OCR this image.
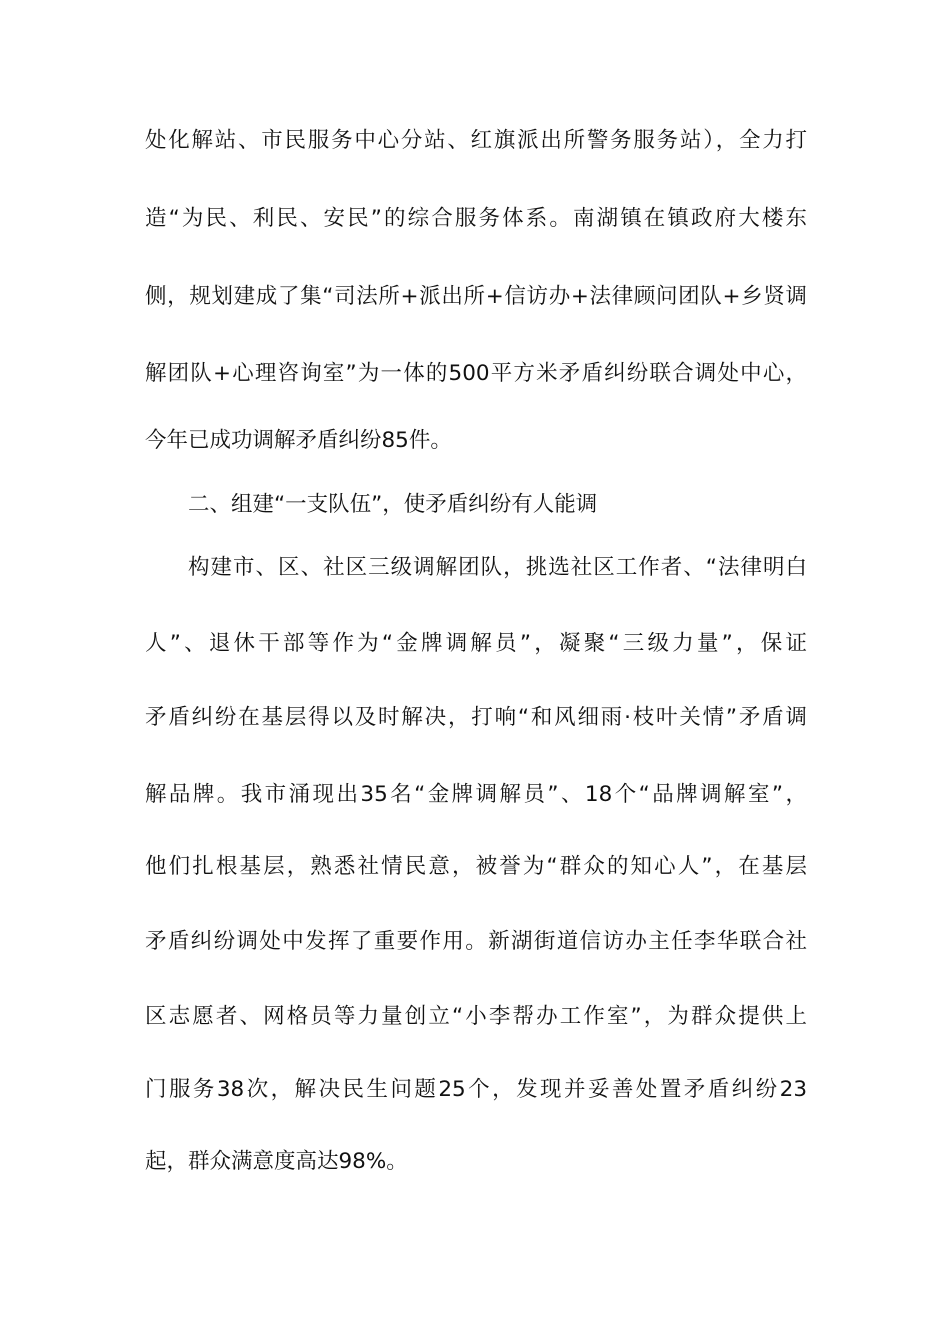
处化解站、市民服务中心分站、红旗派出所警务服务站），全力打
造“为民、利民、安民”的综合服务体系。南湖镇在镇政府大楼东
侧，规划建成了集“司法所+派出所+信访办+法律顾问团队+乡贤调
解团队+心理咨询室”为一体的500平方米矛盾纠纷联合调处中心，
今年已成功调解矛盾纠纷85件。
二、组建“一支队伍”，使矛盾纠纷有人能调
构建市、区、社区三级调解团队，挑选社区工作者、“法律明白
人”、退休干部等作为“金牌调解员”，凝聚“三级力量”，保证
矛盾纠纷在基层得以及时解决，打响“和风细雨·枝叶关情”矛盾调
解品牌。我市涌现出35名“金牌调解员”、18个“品牌调解室”，
他们扎根基层，熟悉社情民意，被誉为“群众的知心人”，在基层
矛盾纠纷调处中发挥了重要作用。新湖街道信访办主任李华联合社
区志愿者、网格员等力量创立“小李帮办工作室”，为群众提供上
门服务38次，解决民生问题25个，发现并妥善处置矛盾纠纷23
起，群众满意度高达98%。
